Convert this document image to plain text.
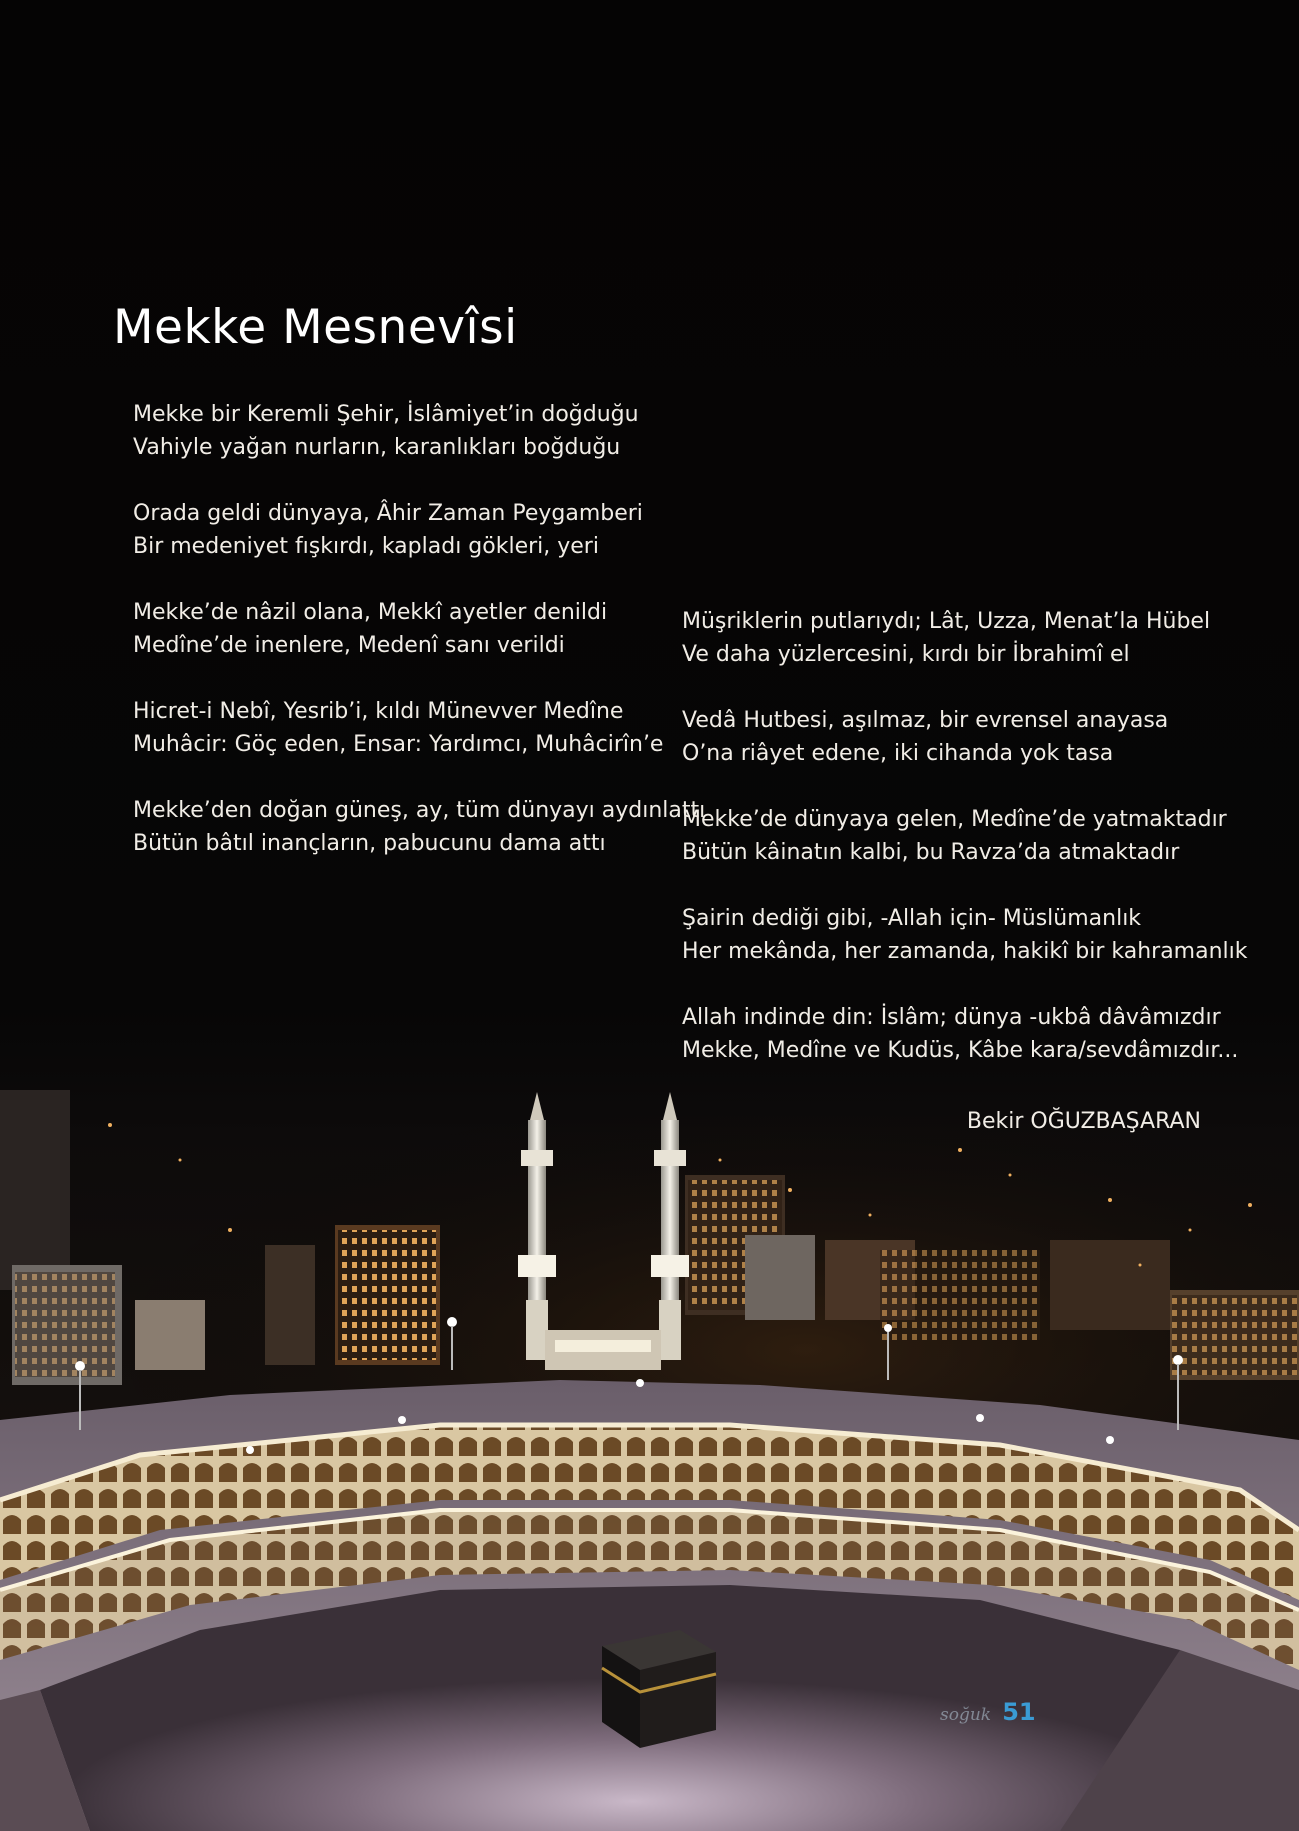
Mekke Mesnevîsi

Mekke bir Keremli Şehir, İslâmiyet’in doğduğu
Vahiyle yağan nurların, karanlıkları boğduğu

Orada geldi dünyaya, Âhir Zaman Peygamberi
Bir medeniyet fışkırdı, kapladı gökleri, yeri

Mekke’de nâzil olana, Mekkî ayetler denildi
Medîne’de inenlere, Medenî sanı verildi

Hicret-i Nebî, Yesrib’i, kıldı Münevver Medîne
Muhâcir: Göç eden, Ensar: Yardımcı, Muhâcirîn’e

Mekke’den doğan güneş, ay, tüm dünyayı aydınlattı
Bütün bâtıl inançların, pabucunu dama attı

Müşriklerin putlarıydı; Lât, Uzza, Menat’la Hübel
Ve daha yüzlercesini, kırdı bir İbrahimî el

Vedâ Hutbesi, aşılmaz, bir evrensel anayasa
O’na riâyet edene, iki cihanda yok tasa

Mekke’de dünyaya gelen, Medîne’de yatmaktadır
Bütün kâinatın kalbi, bu Ravza’da atmaktadır

Şairin dediği gibi, -Allah için- Müslümanlık
Her mekânda, her zamanda, hakikî bir kahramanlık

Allah indinde din: İslâm; dünya -ukbâ dâvâmızdır
Mekke, Medîne ve Kudüs, Kâbe kara/sevdâmızdır...

Bekir OĞUZBAŞARAN
soğuk 51
